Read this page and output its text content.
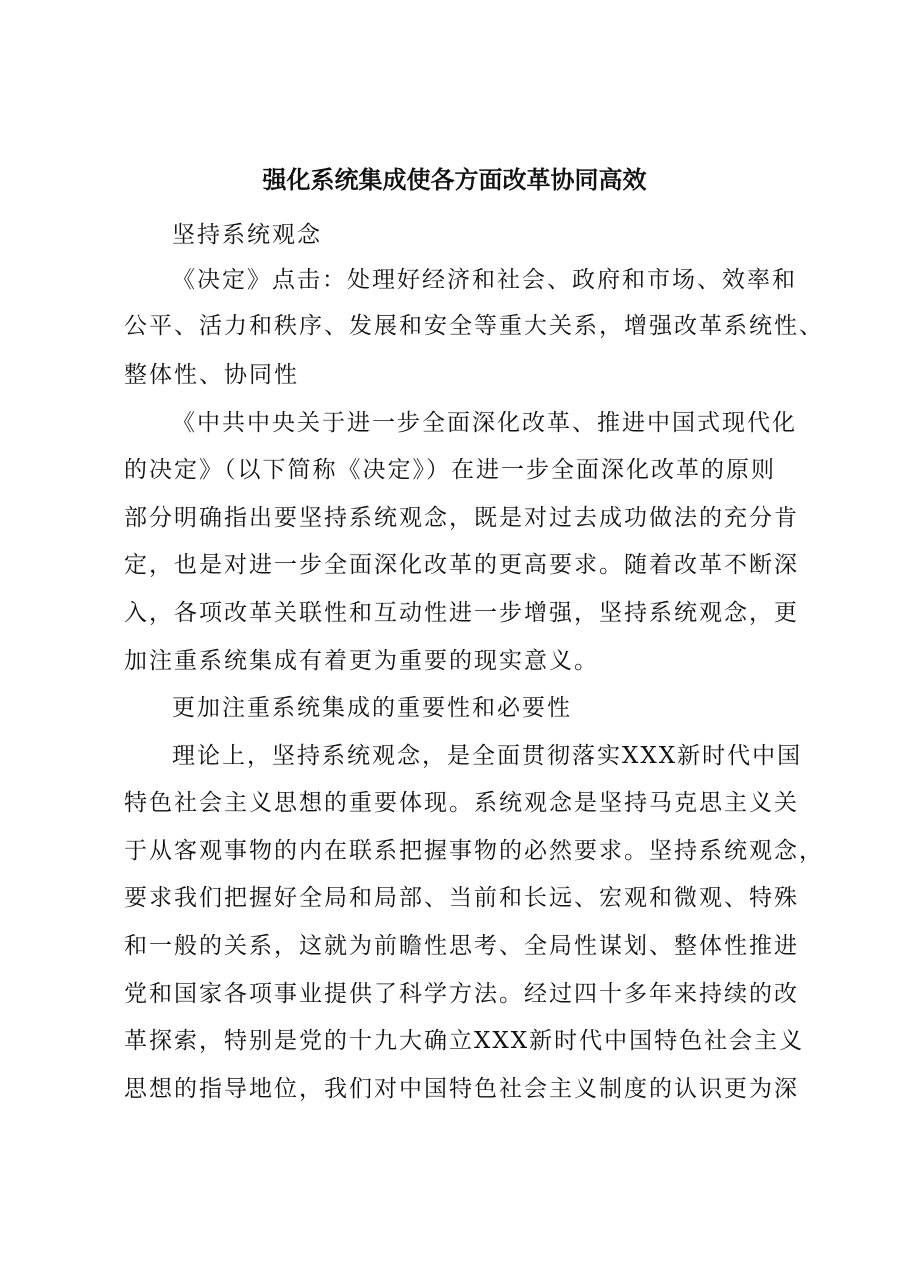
强化系统集成使各方面改革协同高效
坚持系统观念
《决定》点击：处理好经济和社会、政府和市场、效率和
公平、活力和秩序、发展和安全等重大关系，增强改革系统性、
整体性、协同性
《中共中央关于进一步全面深化改革、推进中国式现代化
的决定》（以下简称《决定》）在进一步全面深化改革的原则
部分明确指出要坚持系统观念，既是对过去成功做法的充分肯
定，也是对进一步全面深化改革的更高要求。随着改革不断深
入，各项改革关联性和互动性进一步增强，坚持系统观念，更
加注重系统集成有着更为重要的现实意义。
更加注重系统集成的重要性和必要性
理论上，坚持系统观念，是全面贯彻落实XXX新时代中国
特色社会主义思想的重要体现。系统观念是坚持马克思主义关
于从客观事物的内在联系把握事物的必然要求。坚持系统观念，
要求我们把握好全局和局部、当前和长远、宏观和微观、特殊
和一般的关系，这就为前瞻性思考、全局性谋划、整体性推进
党和国家各项事业提供了科学方法。经过四十多年来持续的改
革探索，特别是党的十九大确立XXX新时代中国特色社会主义
思想的指导地位，我们对中国特色社会主义制度的认识更为深
